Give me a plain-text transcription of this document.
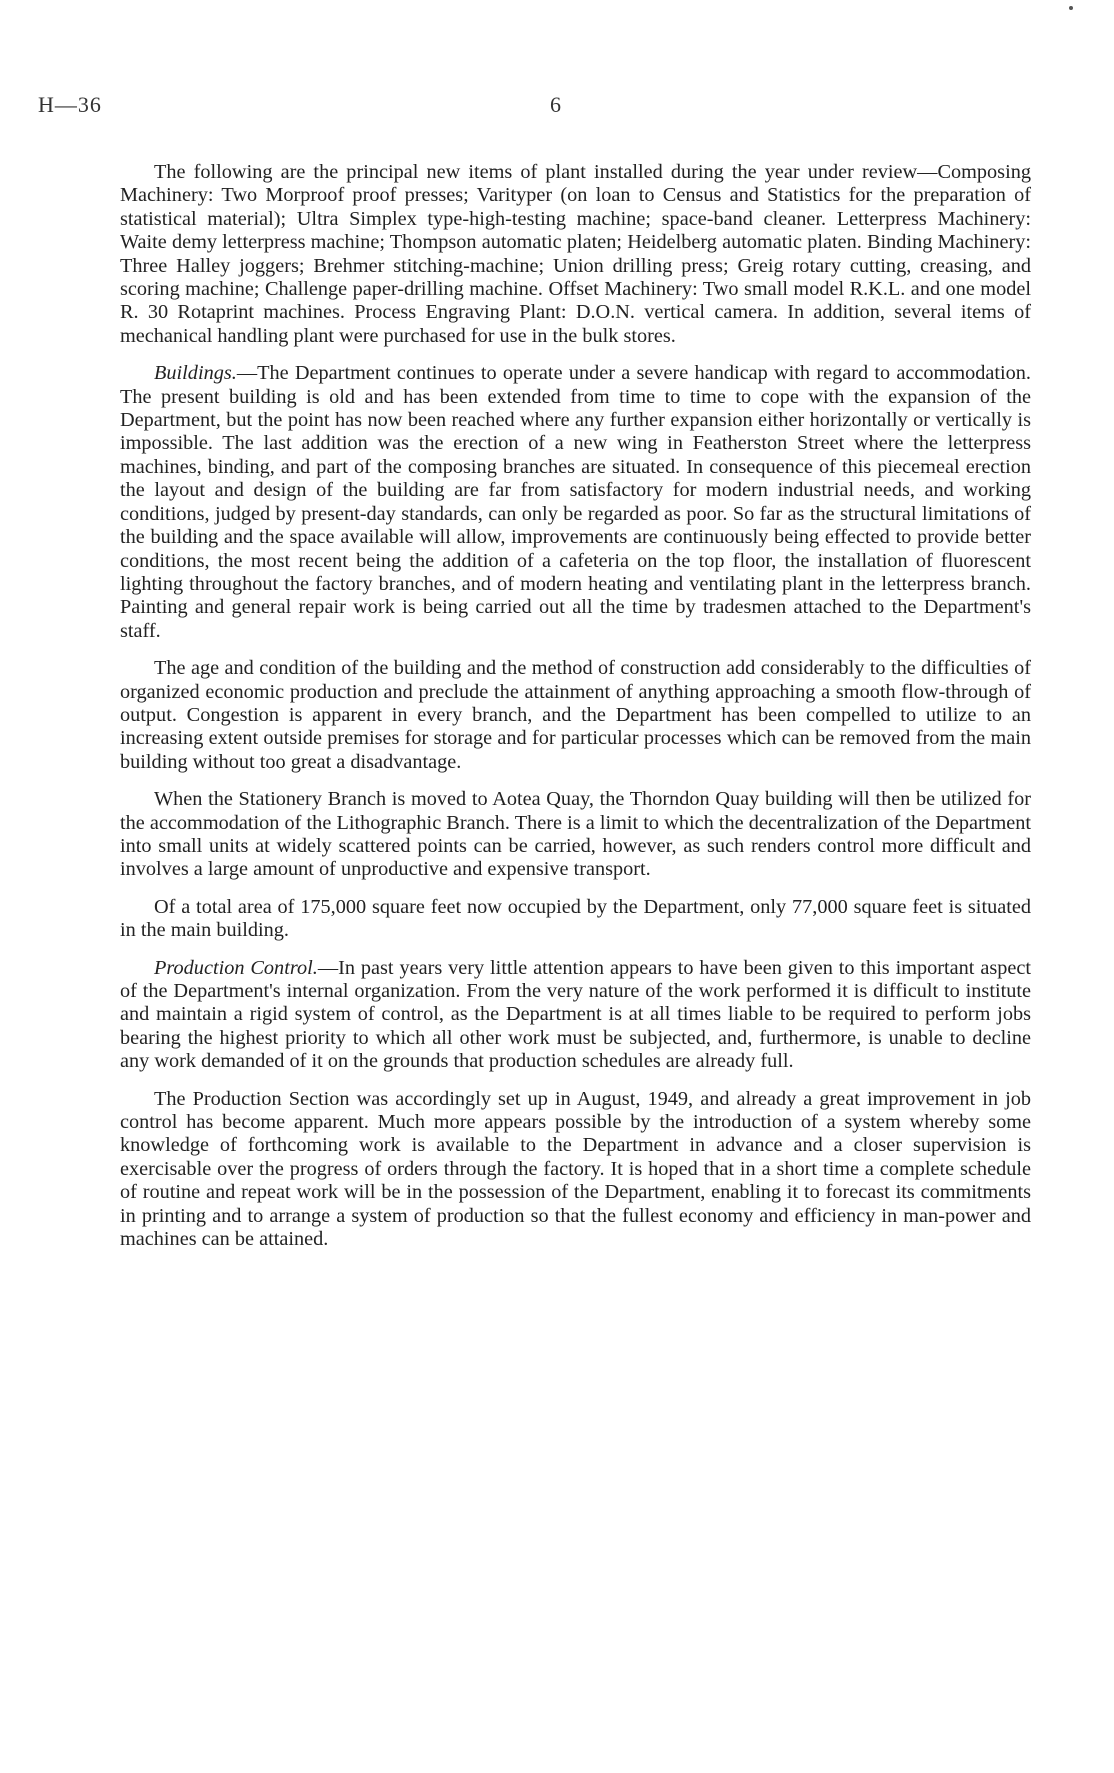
H—36	6

The following are the principal new items of plant installed during the year under review—Composing Machinery: Two Morproof proof presses; Varityper (on loan to Census and Statistics for the preparation of statistical material); Ultra Simplex type-high-testing machine; space-band cleaner. Letterpress Machinery: Waite demy letterpress machine; Thompson automatic platen; Heidelberg automatic platen. Binding Machinery: Three Halley joggers; Brehmer stitching-machine; Union drilling press; Greig rotary cutting, creasing, and scoring machine; Challenge paper-drilling machine. Offset Machinery: Two small model R.K.L. and one model R. 30 Rotaprint machines. Process Engraving Plant: D.O.N. vertical camera. In addition, several items of mechanical handling plant were purchased for use in the bulk stores.

Buildings.—The Department continues to operate under a severe handicap with regard to accommodation. The present building is old and has been extended from time to time to cope with the expansion of the Department, but the point has now been reached where any further expansion either horizontally or vertically is impossible. The last addition was the erection of a new wing in Featherston Street where the letterpress machines, binding, and part of the composing branches are situated. In consequence of this piecemeal erection the layout and design of the building are far from satisfactory for modern industrial needs, and working conditions, judged by present-day standards, can only be regarded as poor. So far as the structural limitations of the building and the space available will allow, improvements are continuously being effected to provide better conditions, the most recent being the addition of a cafeteria on the top floor, the installation of fluorescent lighting throughout the factory branches, and of modern heating and ventilating plant in the letterpress branch. Painting and general repair work is being carried out all the time by tradesmen attached to the Department's staff.

The age and condition of the building and the method of construction add considerably to the difficulties of organized economic production and preclude the attainment of anything approaching a smooth flow-through of output. Congestion is apparent in every branch, and the Department has been compelled to utilize to an increasing extent outside premises for storage and for particular processes which can be removed from the main building without too great a disadvantage.

When the Stationery Branch is moved to Aotea Quay, the Thorndon Quay building will then be utilized for the accommodation of the Lithographic Branch. There is a limit to which the decentralization of the Department into small units at widely scattered points can be carried, however, as such renders control more difficult and involves a large amount of unproductive and expensive transport.

Of a total area of 175,000 square feet now occupied by the Department, only 77,000 square feet is situated in the main building.

Production Control.—In past years very little attention appears to have been given to this important aspect of the Department's internal organization. From the very nature of the work performed it is difficult to institute and maintain a rigid system of control, as the Department is at all times liable to be required to perform jobs bearing the highest priority to which all other work must be subjected, and, furthermore, is unable to decline any work demanded of it on the grounds that production schedules are already full.

The Production Section was accordingly set up in August, 1949, and already a great improvement in job control has become apparent. Much more appears possible by the introduction of a system whereby some knowledge of forthcoming work is available to the Department in advance and a closer supervision is exercisable over the progress of orders through the factory. It is hoped that in a short time a complete schedule of routine and repeat work will be in the possession of the Department, enabling it to forecast its commitments in printing and to arrange a system of production so that the fullest economy and efficiency in man-power and machines can be attained.
